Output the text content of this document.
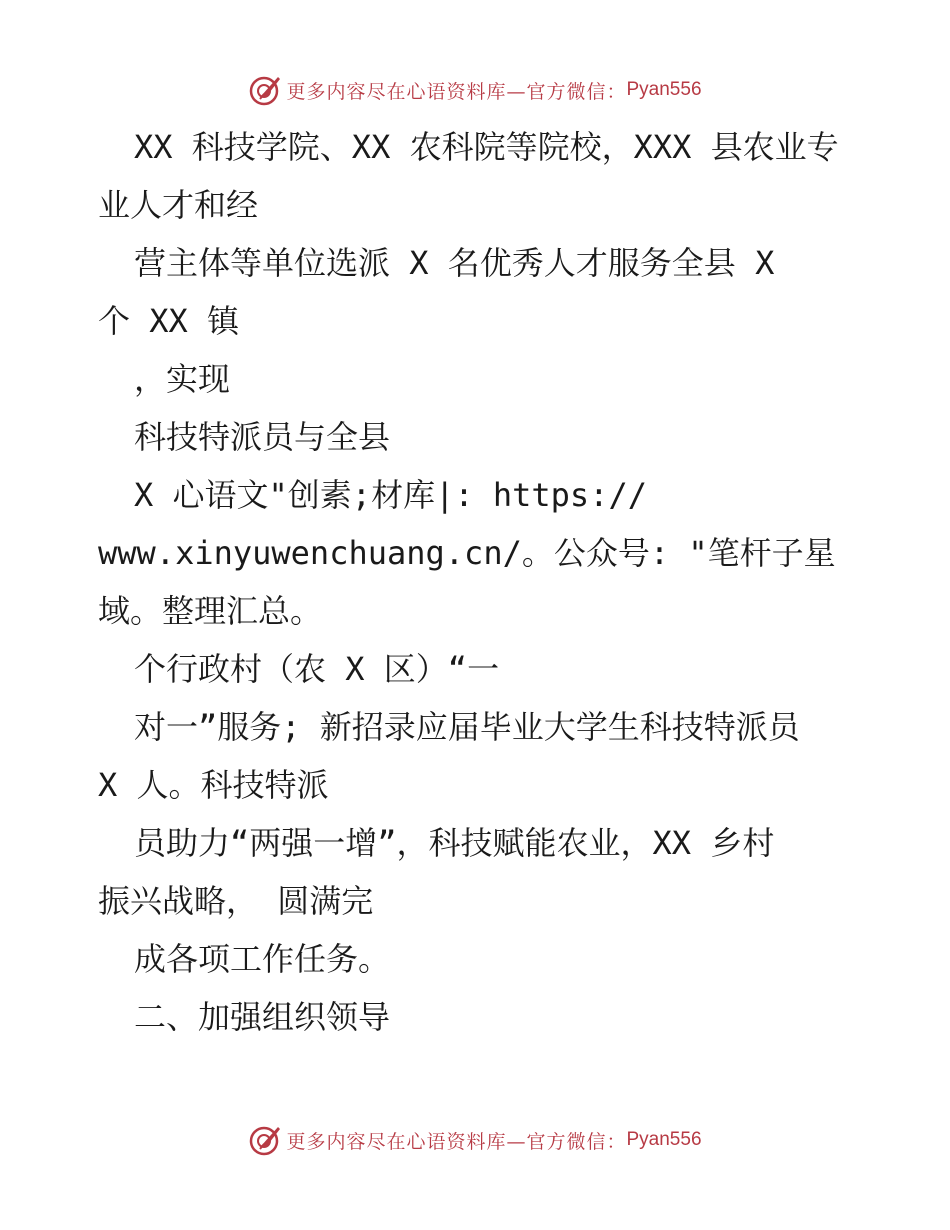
更多内容尽在心语资料库—官方微信： Pyan556
XX 科技学院、XX 农科院等院校，XXX 县农业专
业人才和经
营主体等单位选派 X 名优秀人才服务全县 X
个 XX 镇
，实现
科技特派员与全县
X 心语文"创素;材库|: https://
www.xinyuwenchuang.cn/。公众号: "笔杆子星
域。整理汇总。
个行政村（农 X 区）“一
对一”服务; 新招录应届毕业大学生科技特派员
X 人。科技特派
员助力“两强一增”，科技赋能农业，XX 乡村
振兴战略， 圆满完
成各项工作任务。
二、加强组织领导
更多内容尽在心语资料库—官方微信： Pyan556
